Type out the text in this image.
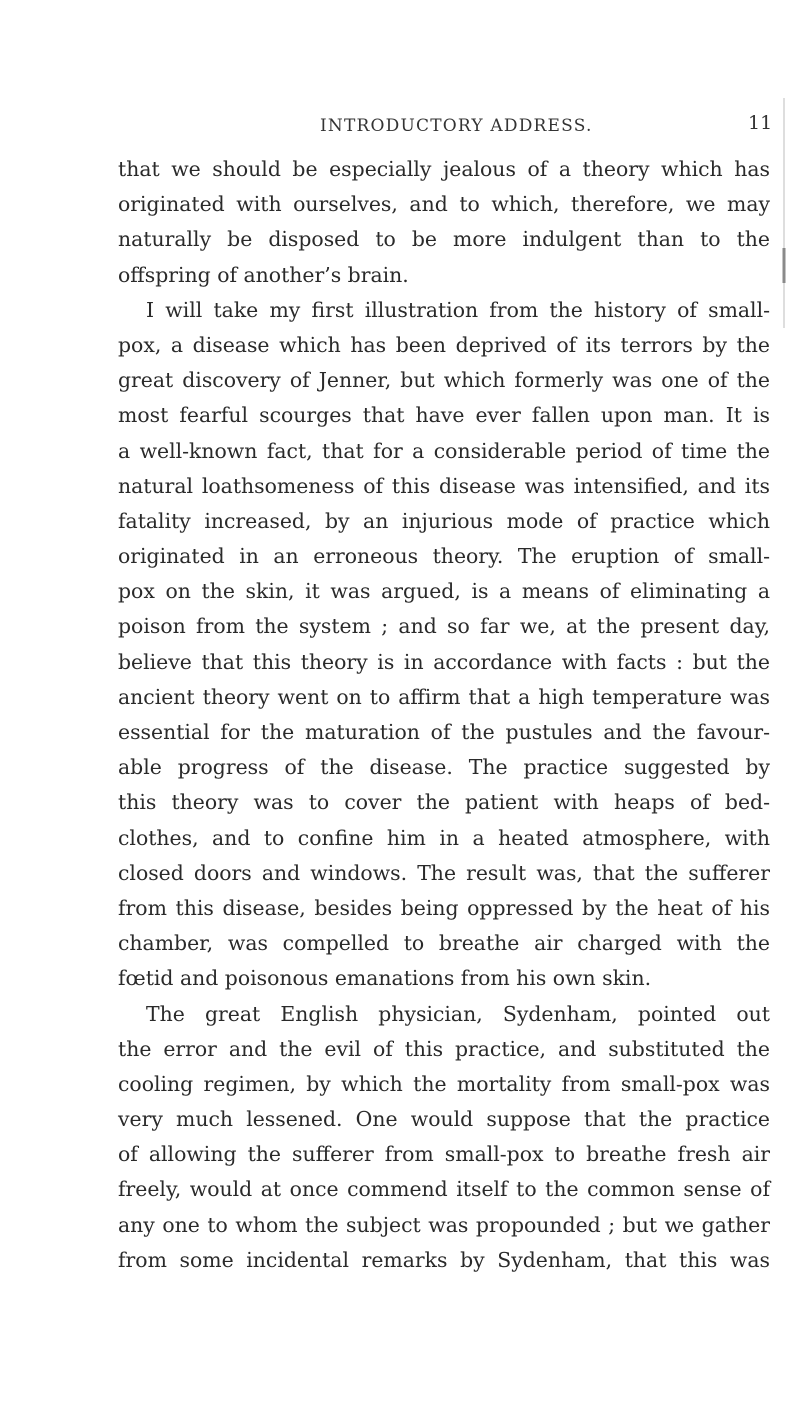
INTRODUCTORY ADDRESS.	11
that we should be especially jealous of a theory which has
originated with ourselves, and to which, therefore, we may
naturally be disposed to be more indulgent than to the
offspring of another’s brain.
I will take my first illustration from the history of small-
pox, a disease which has been deprived of its terrors by the
great discovery of Jenner, but which formerly was one of the
most fearful scourges that have ever fallen upon man. It is
a well-known fact, that for a considerable period of time the
natural loathsomeness of this disease was intensified, and its
fatality increased, by an injurious mode of practice which
originated in an erroneous theory. The eruption of small-
pox on the skin, it was argued, is a means of eliminating a
poison from the system ; and so far we, at the present day,
believe that this theory is in accordance with facts : but the
ancient theory went on to affirm that a high temperature was
essential for the maturation of the pustules and the favour-
able progress of the disease. The practice suggested by
this theory was to cover the patient with heaps of bed-
clothes, and to confine him in a heated atmosphere, with
closed doors and windows. The result was, that the sufferer
from this disease, besides being oppressed by the heat of his
chamber, was compelled to breathe air charged with the
fœtid and poisonous emanations from his own skin.
The great English physician, Sydenham, pointed out
the error and the evil of this practice, and substituted the
cooling regimen, by which the mortality from small-pox was
very much lessened. One would suppose that the practice
of allowing the sufferer from small-pox to breathe fresh air
freely, would at once commend itself to the common sense of
any one to whom the subject was propounded ; but we gather
from some incidental remarks by Sydenham, that this was
